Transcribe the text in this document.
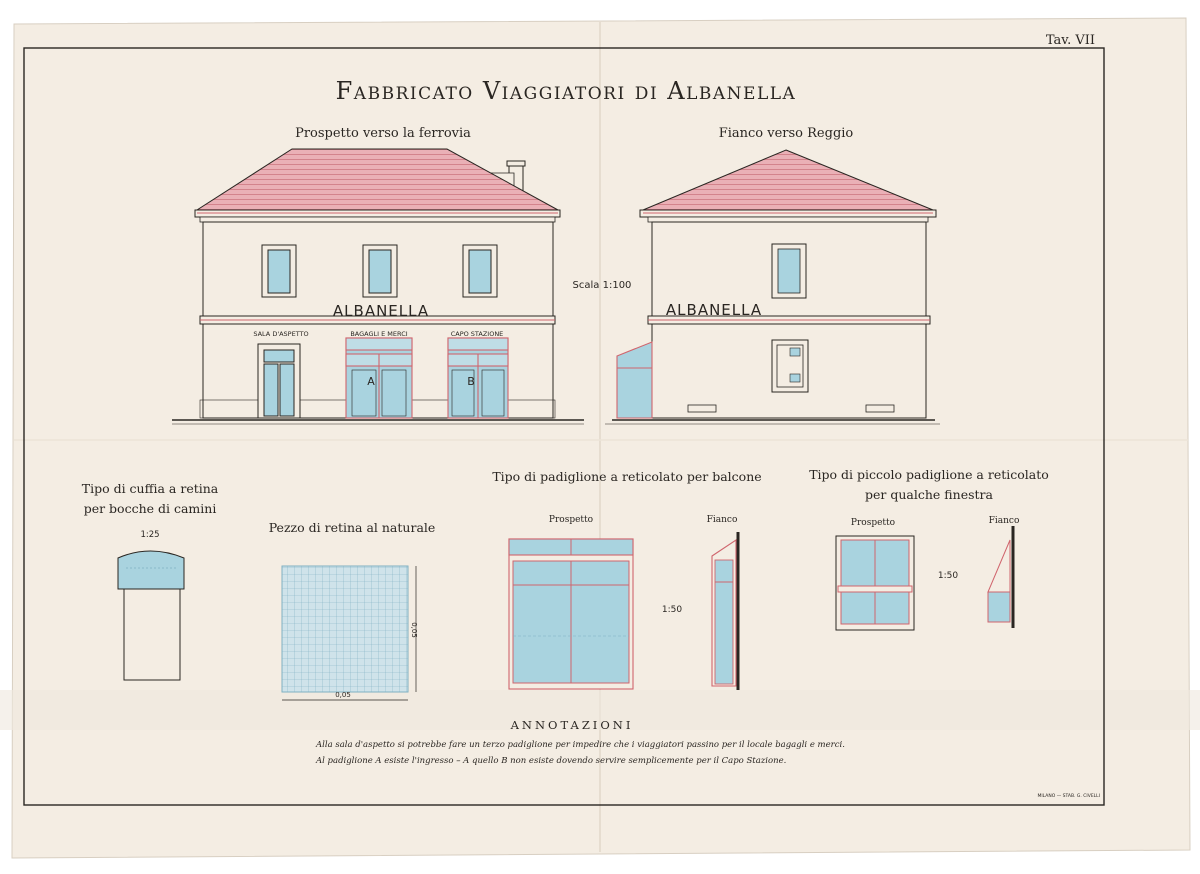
Tav. VII
Fabbricato Viaggiatori di Albanella
Prospetto verso la ferrovia	Fianco verso Reggio
ALBANELLA
SALA D'ASPETTO	BAGAGLI E MERCI	CAPO STAZIONE
A	B
Scala 1:100
ALBANELLA
Tipo di cuffia a retina
per bocche di camini
1:25	Pezzo di retina al naturale
0,05
0,05
Tipo di padiglione a reticolato per balcone
Prospetto	Fianco
1:50
Tipo di piccolo padiglione a reticolato
per qualche finestra
Prospetto	Fianco
1:50
ANNOTAZIONI
Alla sala d'aspetto si potrebbe fare un terzo padiglione per impedire che i viaggiatori passino per il locale bagagli e merci.
Al padiglione A esiste l'ingresso – A quello B non esiste dovendo servire semplicemente per il Capo Stazione.
MILANO — STAB. G. CIVELLI
